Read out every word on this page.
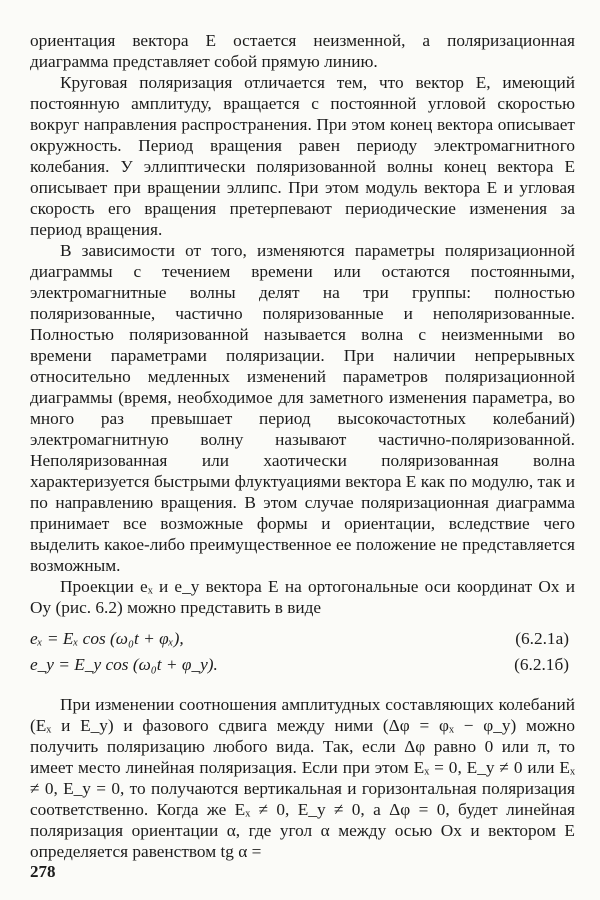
ориентация вектора E остается неизменной, а поляризационная диаграмма представляет собой прямую линию.

Круговая поляризация отличается тем, что вектор E, имеющий постоянную амплитуду, вращается с постоянной угловой скоростью вокруг направления распространения. При этом конец вектора описывает окружность. Период вращения равен периоду электромагнитного колебания. У эллиптически поляризованной волны конец вектора E описывает при вращении эллипс. При этом модуль вектора E и угловая скорость его вращения претерпевают периодические изменения за период вращения.

В зависимости от того, изменяются параметры поляризационной диаграммы с течением времени или остаются постоянными, электромагнитные волны делят на три группы: полностью поляризованные, частично поляризованные и неполяризованные. Полностью поляризованной называется волна с неизменными во времени параметрами поляризации. При наличии непрерывных относительно медленных изменений параметров поляризационной диаграммы (время, необходимое для заметного изменения параметра, во много раз превышает период высокочастотных колебаний) электромагнитную волну называют частично-поляризованной. Неполяризованная или хаотически поляризованная волна характеризуется быстрыми флуктуациями вектора E как по модулю, так и по направлению вращения. В этом случае поляризационная диаграмма принимает все возможные формы и ориентации, вследствие чего выделить какое-либо преимущественное ее положение не представляется возможным.

Проекции eₓ и e_y вектора E на ортогональные оси координат Ox и Oy (рис. 6.2) можно представить в виде

eₓ = Eₓ cos (ω₀t + φₓ),	(6.2.1а)
e_y = E_y cos (ω₀t + φ_y).	(6.2.1б)

При изменении соотношения амплитудных составляющих колебаний (Eₓ и E_y) и фазового сдвига между ними (Δφ = φₓ − φ_y) можно получить поляризацию любого вида. Так, если Δφ равно 0 или π, то имеет место линейная поляризация. Если при этом Eₓ = 0, E_y ≠ 0 или Eₓ ≠ 0, E_y = 0, то получаются вертикальная и горизонтальная поляризация соответственно. Когда же Eₓ ≠ 0, E_y ≠ 0, а Δφ = 0, будет линейная поляризация ориентации α, где угол α между осью Ox и вектором E определяется равенством tg α =

278
